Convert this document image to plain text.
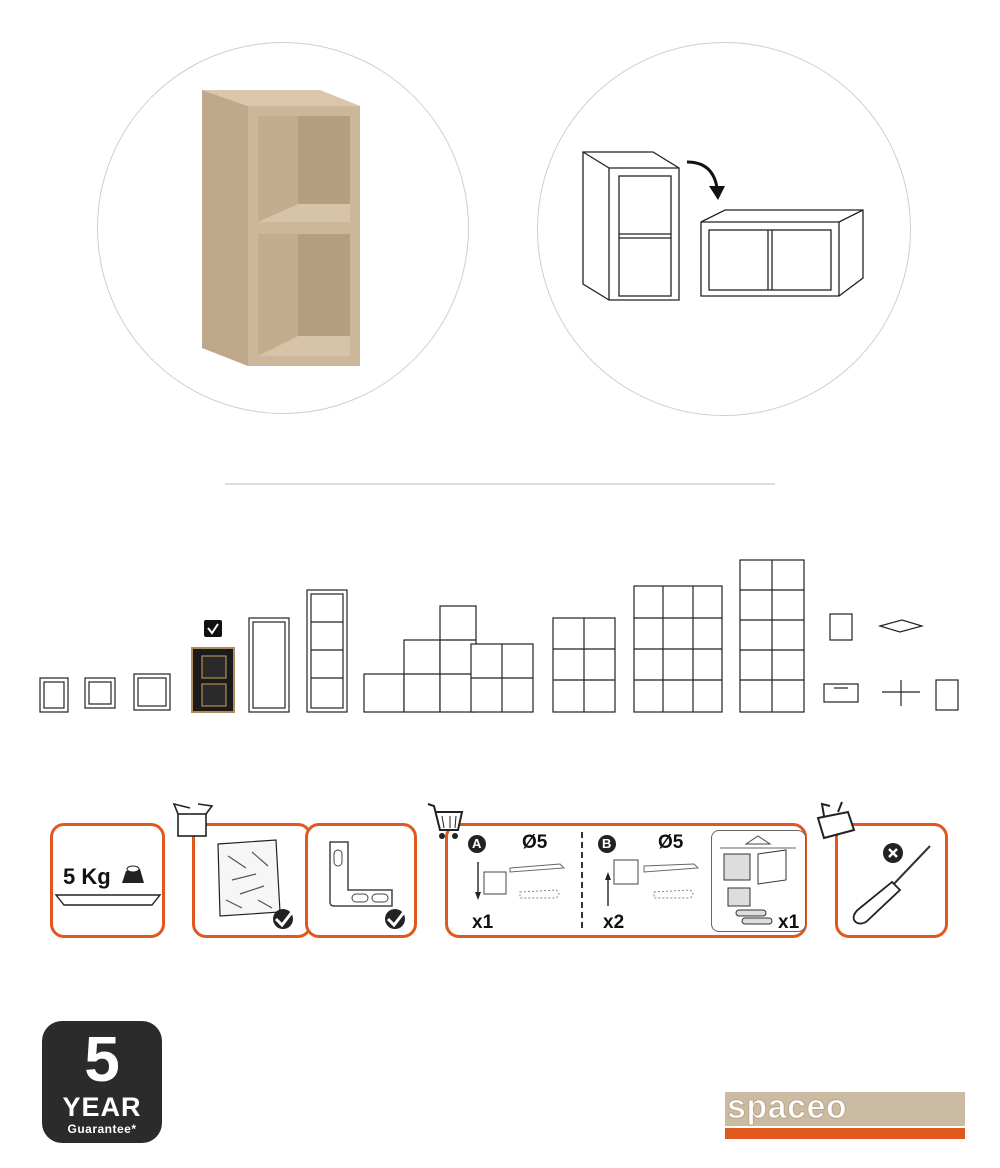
5 Kg
A Ø5
x1
B Ø5
x2	x1
5
YEAR
Guarantee*
spaceo
